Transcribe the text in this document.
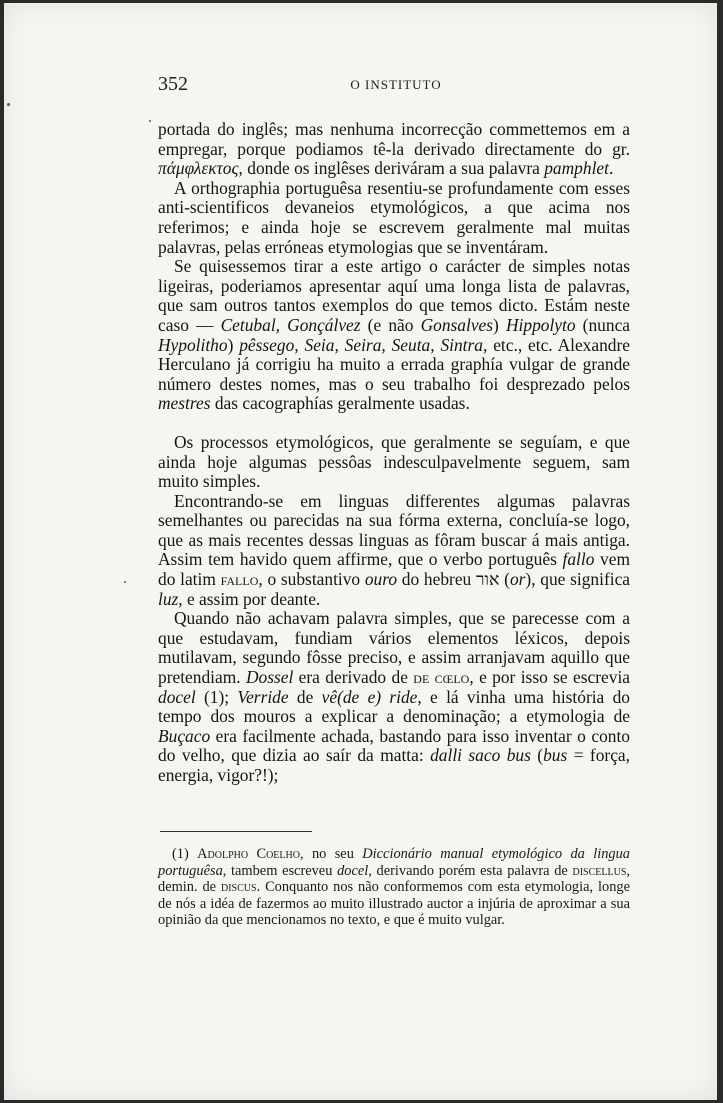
352	O INSTITUTO

portada do inglês; mas nenhuma incorrecção commettemos em a empregar, porque podiamos tê-la derivado directamente do gr. πάμφλεκτος, donde os inglêses deriváram a sua palavra pamphlet.

A orthographia portuguêsa resentiu-se profundamente com esses anti-scientificos devaneios etymológicos, a que acima nos referimos; e ainda hoje se escrevem geralmente mal muitas palavras, pelas erróneas etymologias que se inventáram.

Se quisessemos tirar a este artigo o carácter de simples notas ligeiras, poderiamos apresentar aquí uma longa lista de palavras, que sam outros tantos exemplos do que temos dicto. Estám neste caso — Cetubal, Gonçálvez (e não Gonsalves) Hippolyto (nunca Hypolitho) pêssego, Seia, Seira, Seuta, Sintra, etc., etc. Alexandre Herculano já corrigiu ha muito a errada graphía vulgar de grande número destes nomes, mas o seu trabalho foi desprezado pelos mestres das cacographías geralmente usadas.

Os processos etymológicos, que geralmente se seguíam, e que ainda hoje algumas pessôas indesculpavelmente seguem, sam muito simples.

Encontrando-se em linguas differentes algumas palavras semelhantes ou parecidas na sua fórma externa, concluía-se logo, que as mais recentes dessas linguas as fôram buscar á mais antiga. Assim tem havido quem affirme, que o verbo português fallo vem do latim fallo, o substantivo ouro do hebreu אור (or), que significa luz, e assim por deante.

Quando não achavam palavra simples, que se parecesse com a que estudavam, fundiam vários elementos léxicos, depois mutilavam, segundo fôsse preciso, e assim arranjavam aquillo que pretendiam. Dossel era derivado de de cœlo, e por isso se escrevia docel (1); Verride de vê(de e) ride, e lá vinha uma história do tempo dos mouros a explicar a denominação; a etymologia de Buçaco era facilmente achada, bastando para isso inventar o conto do velho, que dizia ao saír da matta: dalli saco bus (bus = força, energia, vigor?!);

(1) Adolpho Coelho, no seu Diccionário manual etymológico da lingua portuguêsa, tambem escreveu docel, derivando porém esta palavra de discellus, demin. de discus. Conquanto nos não conformemos com esta etymologia, longe de nós a idéa de fazermos ao muito illustrado auctor a injúria de aproximar a sua opinião da que mencionamos no texto, e que é muito vulgar.
